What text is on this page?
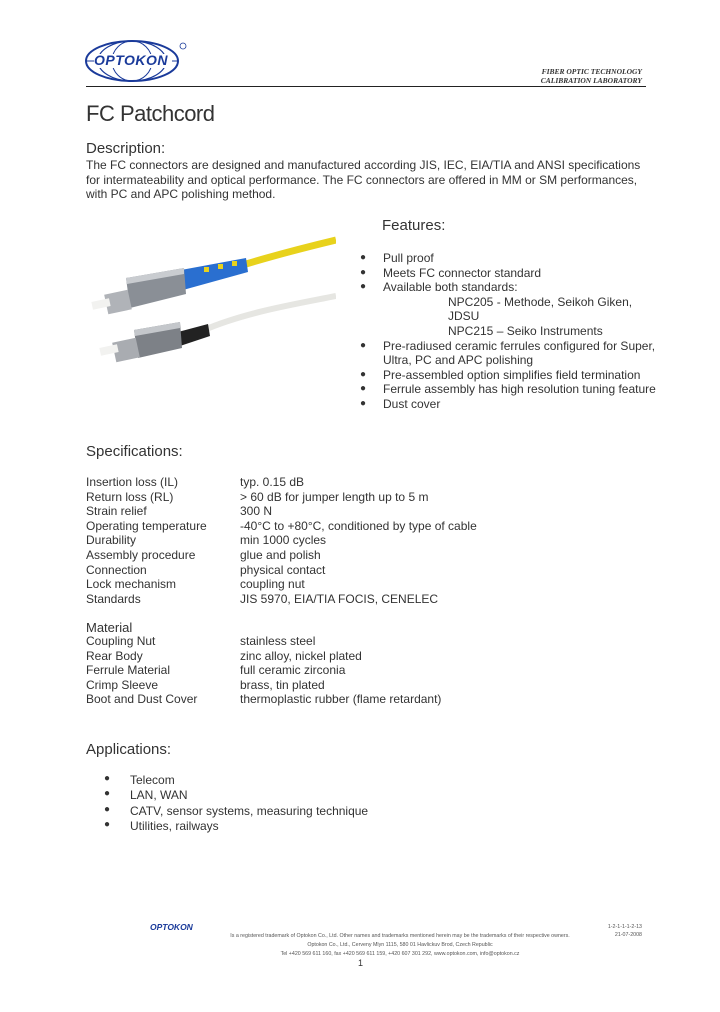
OPTOKON
FIBER OPTIC TECHNOLOGY
CALIBRATION LABORATORY
FC Patchcord
Description:
The FC connectors are designed and manufactured according JIS, IEC, EIA/TIA and ANSI specifications for intermateability and optical performance. The FC connectors are offered in MM or SM performances, with PC and APC polishing method.
Features:
● Pull proof
● Meets FC connector standard
● Available both standards:
NPC205 - Methode, Seikoh Giken, JDSU
NPC215 – Seiko Instruments
● Pre-radiused ceramic ferrules configured for Super, Ultra, PC and APC polishing
● Pre-assembled option simplifies field termination
● Ferrule assembly has high resolution tuning feature
● Dust cover
Specifications:
Insertion loss (IL)	typ. 0.15 dB
Return loss (RL)	> 60 dB for jumper length up to 5 m
Strain relief	300 N
Operating temperature	-40°C to +80°C, conditioned by type of cable
Durability	min 1000 cycles
Assembly procedure	glue and polish
Connection	physical contact
Lock mechanism	coupling nut
Standards	JIS 5970, EIA/TIA FOCIS, CENELEC
Material
Coupling Nut	stainless steel
Rear Body	zinc alloy, nickel plated
Ferrule Material	full ceramic zirconia
Crimp Sleeve	brass, tin plated
Boot and Dust Cover	thermoplastic rubber (flame retardant)
Applications:
● Telecom
● LAN, WAN
● CATV, sensor systems, measuring technique
● Utilities, railways
OPTOKON
Is a registered trademark of Optokon Co., Ltd. Other names and trademarks mentioned herein may be the trademarks of their respective owners.
Optokon Co., Ltd., Cerveny Mlyn 1115, 580 01 Havlickuv Brod, Czech Republic
Tel +420 569 611 160, fax +420 569 611 159, +420 607 301 292, www.optokon.com, info@optokon.cz
1-2-1-1-1-2-13
21-07-2008
1
